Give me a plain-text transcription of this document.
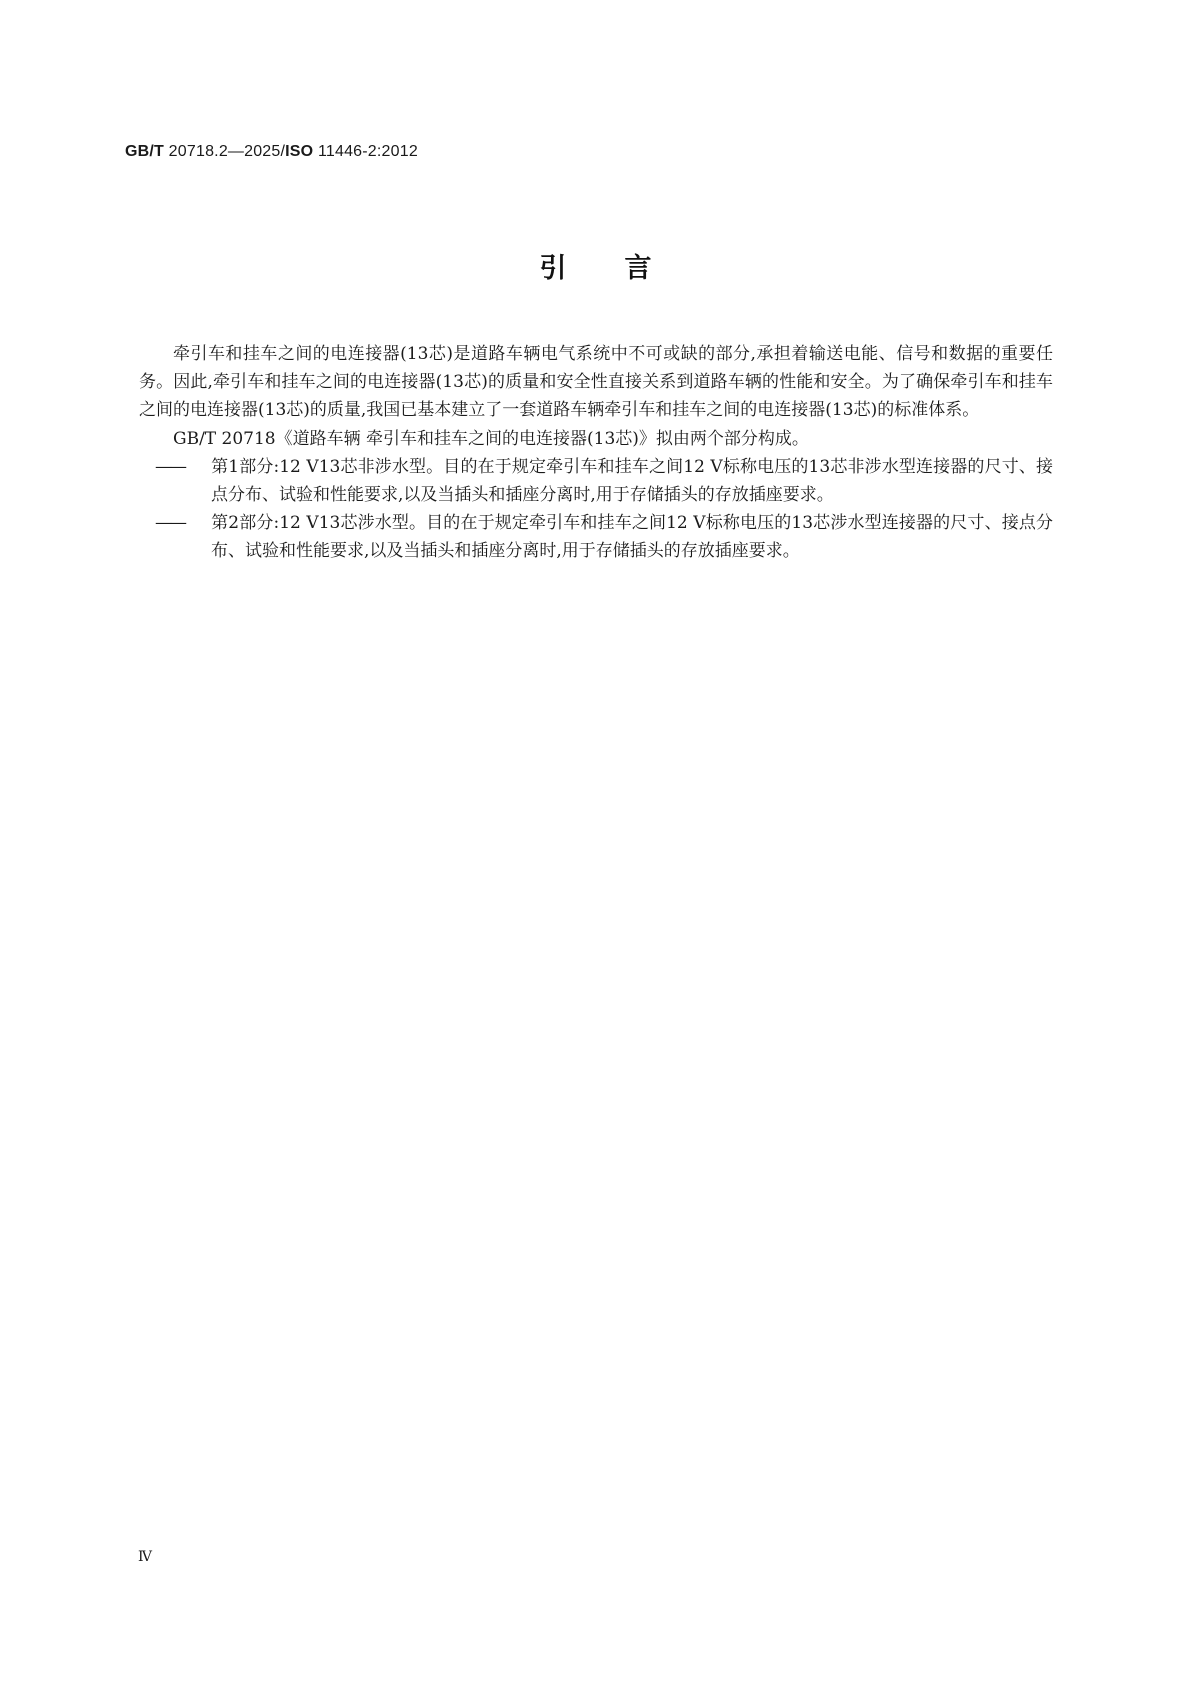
GB/T 20718.2—2025/ISO 11446-2:2012
引言

牵引车和挂车之间的电连接器(13芯)是道路车辆电气系统中不可或缺的部分,承担着输送电能、信号和数据的重要任务。因此,牵引车和挂车之间的电连接器(13芯)的质量和安全性直接关系到道路车辆的性能和安全。为了确保牵引车和挂车之间的电连接器(13芯)的质量,我国已基本建立了一套道路车辆牵引车和挂车之间的电连接器(13芯)的标准体系。

GB/T 20718《道路车辆 牵引车和挂车之间的电连接器(13芯)》拟由两个部分构成。

—— 第1部分:12 V13芯非涉水型。目的在于规定牵引车和挂车之间12 V标称电压的13芯非涉水型连接器的尺寸、接点分布、试验和性能要求,以及当插头和插座分离时,用于存储插头的存放插座要求。

—— 第2部分:12 V13芯涉水型。目的在于规定牵引车和挂车之间12 V标称电压的13芯涉水型连接器的尺寸、接点分布、试验和性能要求,以及当插头和插座分离时,用于存储插头的存放插座要求。

Ⅳ
